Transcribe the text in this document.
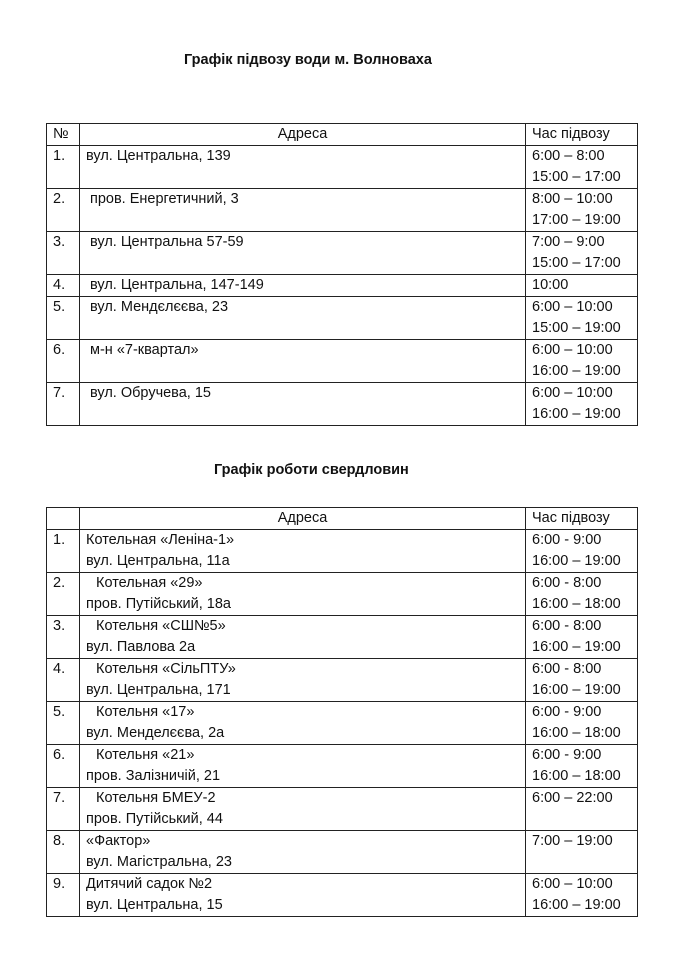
Графік підвозу води м. Волноваха
№	Адреса	Час підвозу
1.	вул. Центральна, 139	6:00 – 8:00
15:00 – 17:00

2.	пров. Енергетичний, 3	8:00 – 10:00
17:00 – 19:00

3.	вул. Центральна 57-59	7:00 – 9:00
15:00 – 17:00

4.	вул. Центральна, 147-149	10:00

5.	вул. Мендєлєєва, 23	6:00 – 10:00
15:00 – 19:00

6.	м-н «7-квартал»	6:00 – 10:00
16:00 – 19:00

7.	вул. Обручева, 15	6:00 – 10:00
16:00 – 19:00
Графік роботи свердловин
	Адреса	Час підвозу
1.	Котельная «Леніна-1»
вул. Центральна, 11а	6:00 - 9:00
16:00 – 19:00

2.	Котельная «29»
пров. Путійський, 18а	6:00 - 8:00
16:00 – 18:00

3.	Котельня «СШ№5»
вул. Павлова 2а	6:00 - 8:00
16:00 – 19:00

4.	Котельня «СільПТУ»
вул. Центральна, 171	6:00 - 8:00
16:00 – 19:00

5.	Котельня «17»
вул. Менделєєва, 2а	6:00 - 9:00
16:00 – 18:00

6.	Котельня «21»
пров. Залізничій, 21	6:00 - 9:00
16:00 – 18:00

7.	Котельня БМЕУ-2
пров. Путійський, 44	6:00 – 22:00

8.	«Фактор»
вул. Магістральна, 23	7:00 – 19:00

9.	Дитячий садок №2
вул. Центральна, 15	6:00 – 10:00
16:00 – 19:00
